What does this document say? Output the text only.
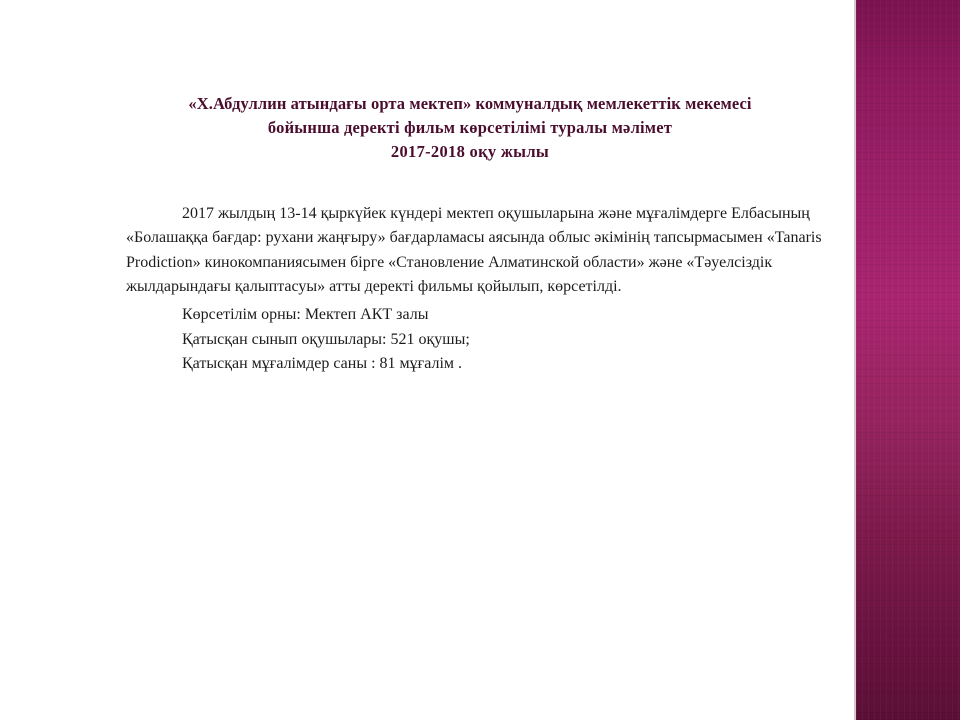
«Х.Абдуллин атындағы орта мектеп» коммуналдық мемлекеттік мекемесі
бойынша деректі фильм көрсетілімі туралы мәлімет
2017-2018 оқу жылы

2017 жылдың 13-14 қыркүйек күндері мектеп оқушыларына және мұғалімдерге Елбасының «Болашаққа бағдар: рухани жаңғыру» бағдарламасы аясында облыс әкімінің тапсырмасымен «Tanaris Prodiction» кинокомпаниясымен бірге «Становление Алматинской области» және «Тәуелсіздік жылдарындағы қалыптасуы» атты деректі фильмы қойылып, көрсетілді.

Көрсетілім орны: Мектеп АКТ залы

Қатысқан сынып оқушылары: 521 оқушы;

Қатысқан мұғалімдер саны : 81 мұғалім .
